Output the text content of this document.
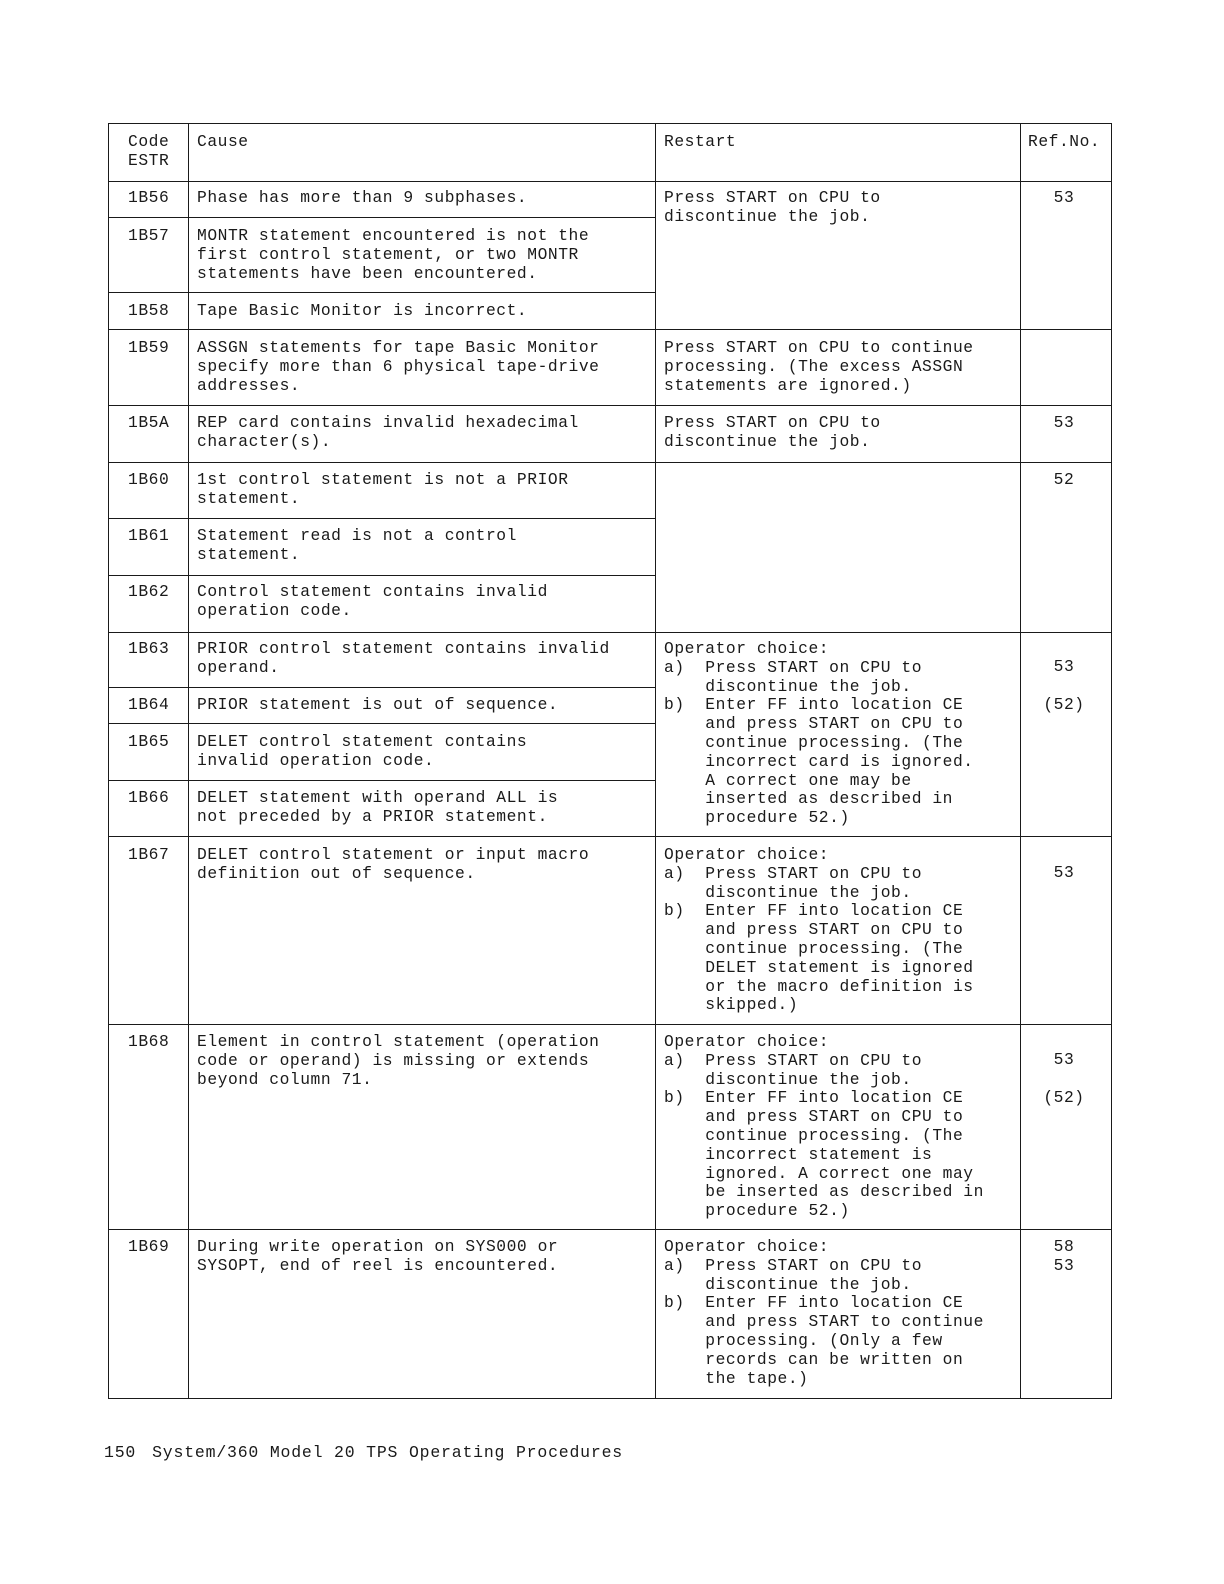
Code
ESTR
Cause	Restart	Ref.No.
1B56
1B57
1B58
1B59
1B5A
1B60
1B61
1B62
1B63
1B64
1B65
1B66
1B67
1B68
1B69
Phase has more than 9 subphases.
MONTR statement encountered is not the
first control statement, or two MONTR
statements have been encountered.
Tape Basic Monitor is incorrect.
ASSGN statements for tape Basic Monitor
specify more than 6 physical tape-drive
addresses.
REP card contains invalid hexadecimal
character(s).
1st control statement is not a PRIOR
statement.
Statement read is not a control
statement.
Control statement contains invalid
operation code.
PRIOR control statement contains invalid
operand.
PRIOR statement is out of sequence.
DELET control statement contains
invalid operation code.
DELET statement with operand ALL is
not preceded by a PRIOR statement.
DELET control statement or input macro
definition out of sequence.
Element in control statement (operation
code or operand) is missing or extends
beyond column 71.
During write operation on SYS000 or
SYSOPT, end of reel is encountered.
Press START on CPU to
discontinue the job.
Press START on CPU to continue
processing. (The excess ASSGN
statements are ignored.)
Press START on CPU to
discontinue the job.
Operator choice:
a)  Press START on CPU to
discontinue the job.
b)  Enter FF into location CE
and press START on CPU to
continue processing. (The
incorrect card is ignored.
A correct one may be
inserted as described in
procedure 52.)
Operator choice:
a)  Press START on CPU to
discontinue the job.
b)  Enter FF into location CE
and press START on CPU to
continue processing. (The
DELET statement is ignored
or the macro definition is
skipped.)
Operator choice:
a)  Press START on CPU to
discontinue the job.
b)  Enter FF into location CE
and press START on CPU to
continue processing. (The
incorrect statement is
ignored. A correct one may
be inserted as described in
procedure 52.)
Operator choice:
a)  Press START on CPU to
discontinue the job.
b)  Enter FF into location CE
and press START to continue
processing. (Only a few
records can be written on
the tape.)
53
53
52
53
(52)
53
53
(52)
58
53
150 System/360 Model 20 TPS Operating Procedures
